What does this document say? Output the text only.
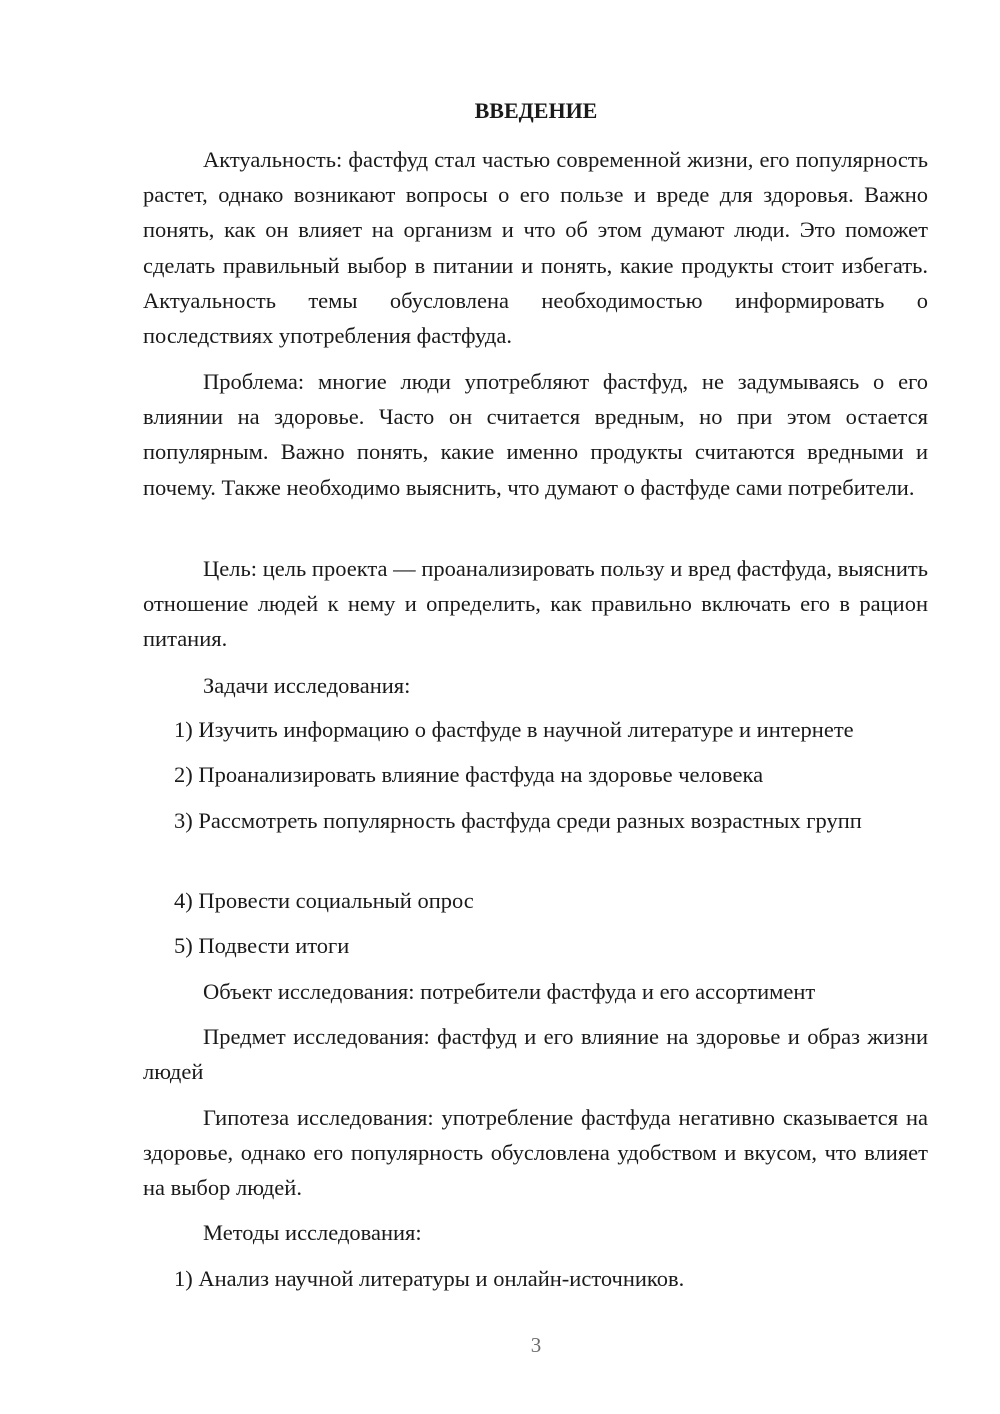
ВВЕДЕНИЕ

Актуальность: фастфуд стал частью современной жизни, его популярность растет, однако возникают вопросы о его пользе и вреде для здоровья. Важно понять, как он влияет на организм и что об этом думают люди. Это поможет сделать правильный выбор в питании и понять, какие продукты стоит избегать. Актуальность темы обусловлена необходимостью информировать о последствиях употребления фастфуда.

Проблема: многие люди употребляют фастфуд, не задумываясь о его влиянии на здоровье. Часто он считается вредным, но при этом остается популярным. Важно понять, какие именно продукты считаются вредными и почему. Также необходимо выяснить, что думают о фастфуде сами потребители.

Цель: цель проекта — проанализировать пользу и вред фастфуда, выяснить отношение людей к нему и определить, как правильно включать его в рацион питания.

Задачи исследования:

1) Изучить информацию о фастфуде в научной литературе и интернете

2) Проанализировать влияние фастфуда на здоровье человека

3) Рассмотреть популярность фастфуда среди разных возрастных групп

4) Провести социальный опрос

5) Подвести итоги

Объект исследования: потребители фастфуда и его ассортимент

Предмет исследования: фастфуд и его влияние на здоровье и образ жизни людей

Гипотеза исследования: употребление фастфуда негативно сказывается на здоровье, однако его популярность обусловлена удобством и вкусом, что влияет на выбор людей.

Методы исследования:

1) Анализ научной литературы и онлайн-источников.

3
